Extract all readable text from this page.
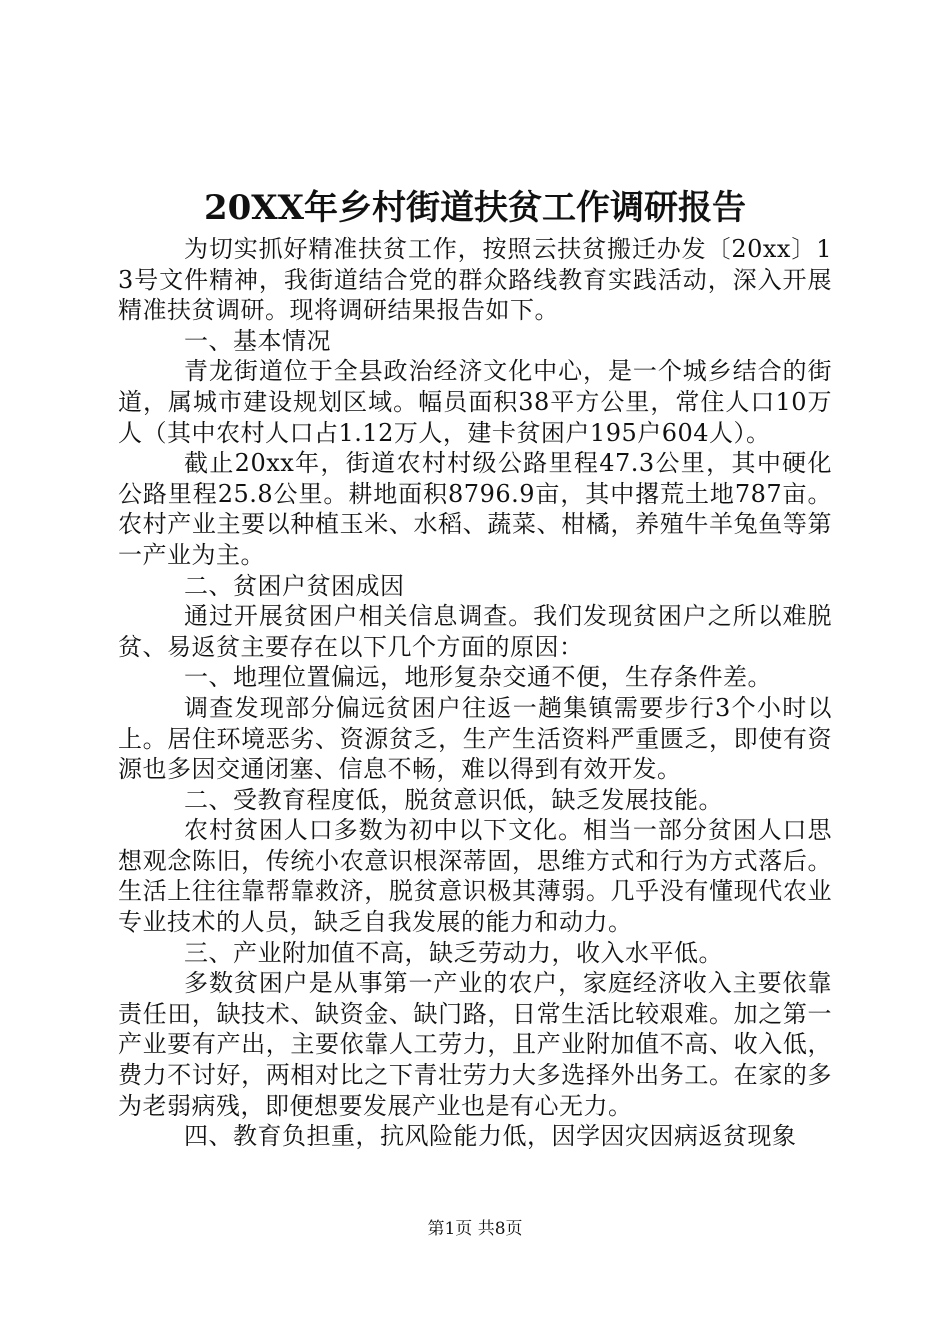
20XX年乡村街道扶贫工作调研报告

为切实抓好精准扶贫工作，按照云扶贫搬迁办发〔20xx〕13号文件精神，我街道结合党的群众路线教育实践活动，深入开展精准扶贫调研。现将调研结果报告如下。

一、基本情况

青龙街道位于全县政治经济文化中心，是一个城乡结合的街道，属城市建设规划区域。幅员面积38平方公里，常住人口10万人（其中农村人口占1.12万人，建卡贫困户195户604人）。

截止20xx年，街道农村村级公路里程47.3公里，其中硬化公路里程25.8公里。耕地面积8796.9亩，其中撂荒土地787亩。农村产业主要以种植玉米、水稻、蔬菜、柑橘，养殖牛羊兔鱼等第一产业为主。

二、贫困户贫困成因

通过开展贫困户相关信息调查。我们发现贫困户之所以难脱贫、易返贫主要存在以下几个方面的原因：

一、地理位置偏远，地形复杂交通不便，生存条件差。

调查发现部分偏远贫困户往返一趟集镇需要步行3个小时以上。居住环境恶劣、资源贫乏，生产生活资料严重匮乏，即使有资源也多因交通闭塞、信息不畅，难以得到有效开发。

二、受教育程度低，脱贫意识低，缺乏发展技能。

农村贫困人口多数为初中以下文化。相当一部分贫困人口思想观念陈旧，传统小农意识根深蒂固，思维方式和行为方式落后。生活上往往靠帮靠救济，脱贫意识极其薄弱。几乎没有懂现代农业专业技术的人员，缺乏自我发展的能力和动力。

三、产业附加值不高，缺乏劳动力，收入水平低。

多数贫困户是从事第一产业的农户，家庭经济收入主要依靠责任田，缺技术、缺资金、缺门路，日常生活比较艰难。加之第一产业要有产出，主要依靠人工劳力，且产业附加值不高、收入低，费力不讨好，两相对比之下青壮劳力大多选择外出务工。在家的多为老弱病残，即便想要发展产业也是有心无力。

四、教育负担重，抗风险能力低，因学因灾因病返贫现象

第1页 共8页
